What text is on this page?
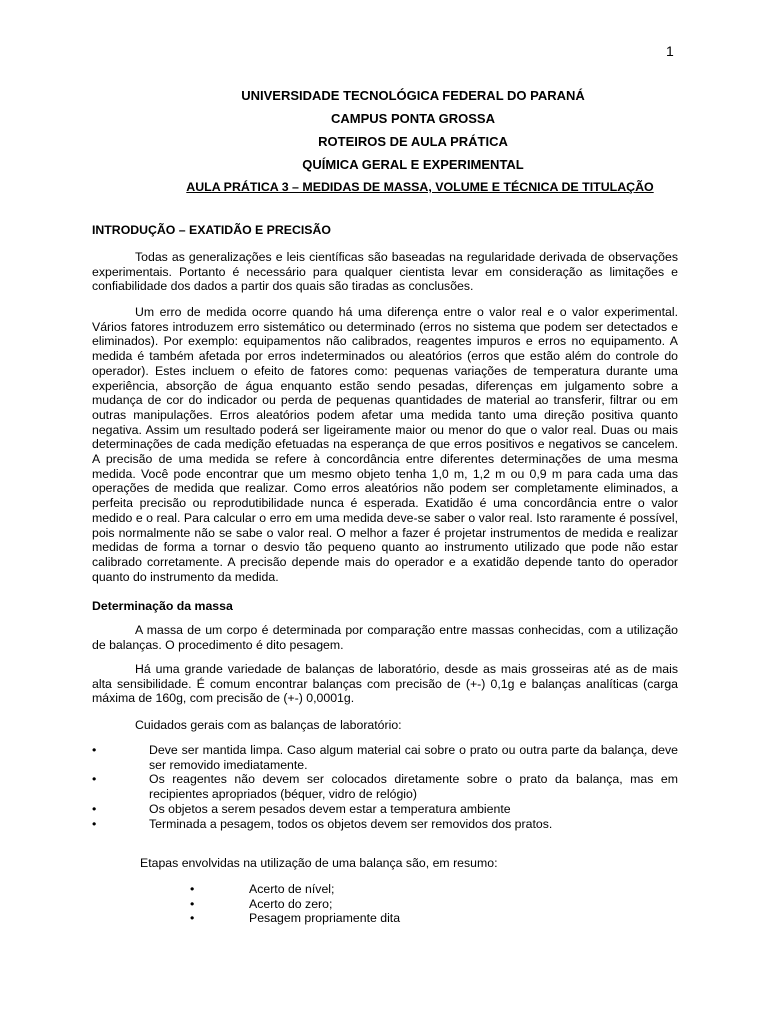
1
UNIVERSIDADE TECNOLÓGICA FEDERAL DO PARANÁ
CAMPUS PONTA GROSSA
ROTEIROS DE AULA PRÁTICA
QUÍMICA GERAL E EXPERIMENTAL
AULA PRÁTICA 3 – MEDIDAS DE MASSA, VOLUME E TÉCNICA DE TITULAÇÃO
INTRODUÇÃO – EXATIDÃO E PRECISÃO

Todas as generalizações e leis científicas são baseadas na regularidade derivada de observações experimentais. Portanto é necessário para qualquer cientista levar em consideração as limitações e confiabilidade dos dados a partir dos quais são tiradas as conclusões.

Um erro de medida ocorre quando há uma diferença entre o valor real e o valor experimental. Vários fatores introduzem erro sistemático ou determinado (erros no sistema que podem ser detectados e eliminados). Por exemplo: equipamentos não calibrados, reagentes impuros e erros no equipamento. A medida é também afetada por erros indeterminados ou aleatórios (erros que estão além do controle do operador). Estes incluem o efeito de fatores como: pequenas variações de temperatura durante uma experiência, absorção de água enquanto estão sendo pesadas, diferenças em julgamento sobre a mudança de cor do indicador ou perda de pequenas quantidades de material ao transferir, filtrar ou em outras manipulações. Erros aleatórios podem afetar uma medida tanto uma direção positiva quanto negativa. Assim um resultado poderá ser ligeiramente maior ou menor do que o valor real. Duas ou mais determinações de cada medição efetuadas na esperança de que erros positivos e negativos se cancelem. A precisão de uma medida se refere à concordância entre diferentes determinações de uma mesma medida. Você pode encontrar que um mesmo objeto tenha 1,0 m, 1,2 m ou 0,9 m para cada uma das operações de medida que realizar. Como erros aleatórios não podem ser completamente eliminados, a perfeita precisão ou reprodutibilidade nunca é esperada. Exatidão é uma concordância entre o valor medido e o real. Para calcular o erro em uma medida deve-se saber o valor real. Isto raramente é possível, pois normalmente não se sabe o valor real. O melhor a fazer é projetar instrumentos de medida e realizar medidas de forma a tornar o desvio tão pequeno quanto ao instrumento utilizado que pode não estar calibrado corretamente. A precisão depende mais do operador e a exatidão depende tanto do operador quanto do instrumento da medida.

Determinação da massa

A massa de um corpo é determinada por comparação entre massas conhecidas, com a utilização de balanças. O procedimento é dito pesagem.

Há uma grande variedade de balanças de laboratório, desde as mais grosseiras até as de mais alta sensibilidade. É comum encontrar balanças com precisão de (+-) 0,1g e balanças analíticas (carga máxima de 160g, com precisão de (+-) 0,0001g.

Cuidados gerais com as balanças de laboratório:
•	Deve ser mantida limpa. Caso algum material cai sobre o prato ou outra parte da balança, deve ser removido imediatamente.
•	Os reagentes não devem ser colocados diretamente sobre o prato da balança, mas em recipientes apropriados (béquer, vidro de relógio)
•	Os objetos a serem pesados devem estar a temperatura ambiente
•	Terminada a pesagem, todos os objetos devem ser removidos dos pratos.
Etapas envolvidas na utilização de uma balança são, em resumo:
•	Acerto de nível;
•	Acerto do zero;
•	Pesagem propriamente dita
